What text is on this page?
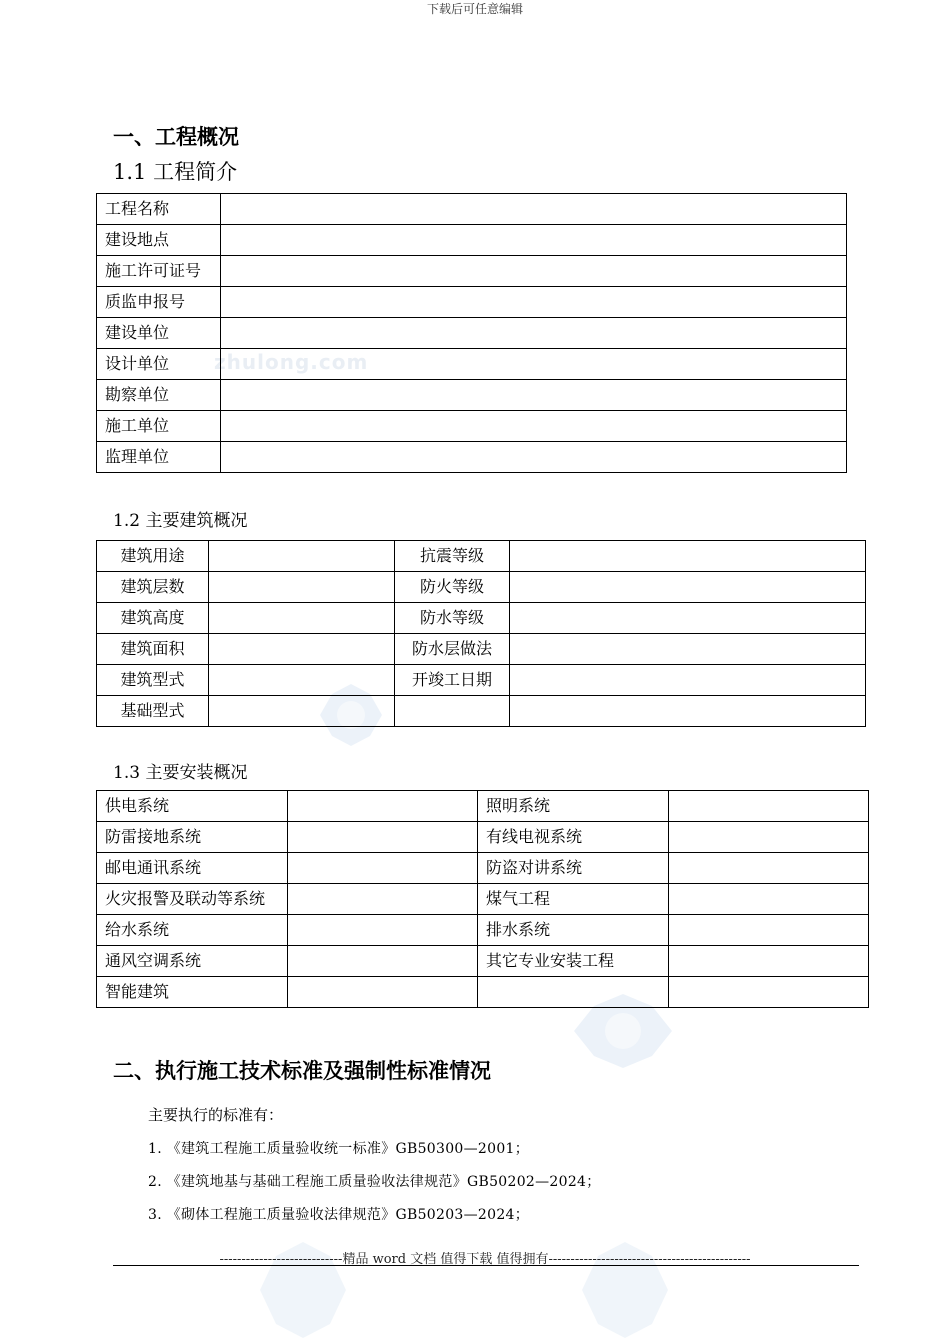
zhulong.com
下载后可任意编辑
一、工程概况
1.1 工程简介
工程名称	
建设地点	
施工许可证号	
质监申报号	
建设单位	
设计单位	
勘察单位	
施工单位	
监理单位	
1.2 主要建筑概况
建筑用途		抗震等级	
建筑层数		防火等级	
建筑高度		防水等级	
建筑面积		防水层做法	
建筑型式		开竣工日期	
基础型式			
1.3 主要安装概况
供电系统		照明系统	
防雷接地系统		有线电视系统	
邮电通讯系统		防盗对讲系统	
火灾报警及联动等系统		煤气工程	
给水系统		排水系统	
通风空调系统		其它专业安装工程	
智能建筑			
二、执行施工技术标准及强制性标准情况
主要执行的标准有：
1. 《建筑工程施工质量验收统一标准》GB50300—2001；
2. 《建筑地基与基础工程施工质量验收法律规范》GB50202—2024；
3. 《砌体工程施工质量验收法律规范》GB50203—2024；
----------------------------精品 word 文档 值得下载 值得拥有----------------------------------------------
